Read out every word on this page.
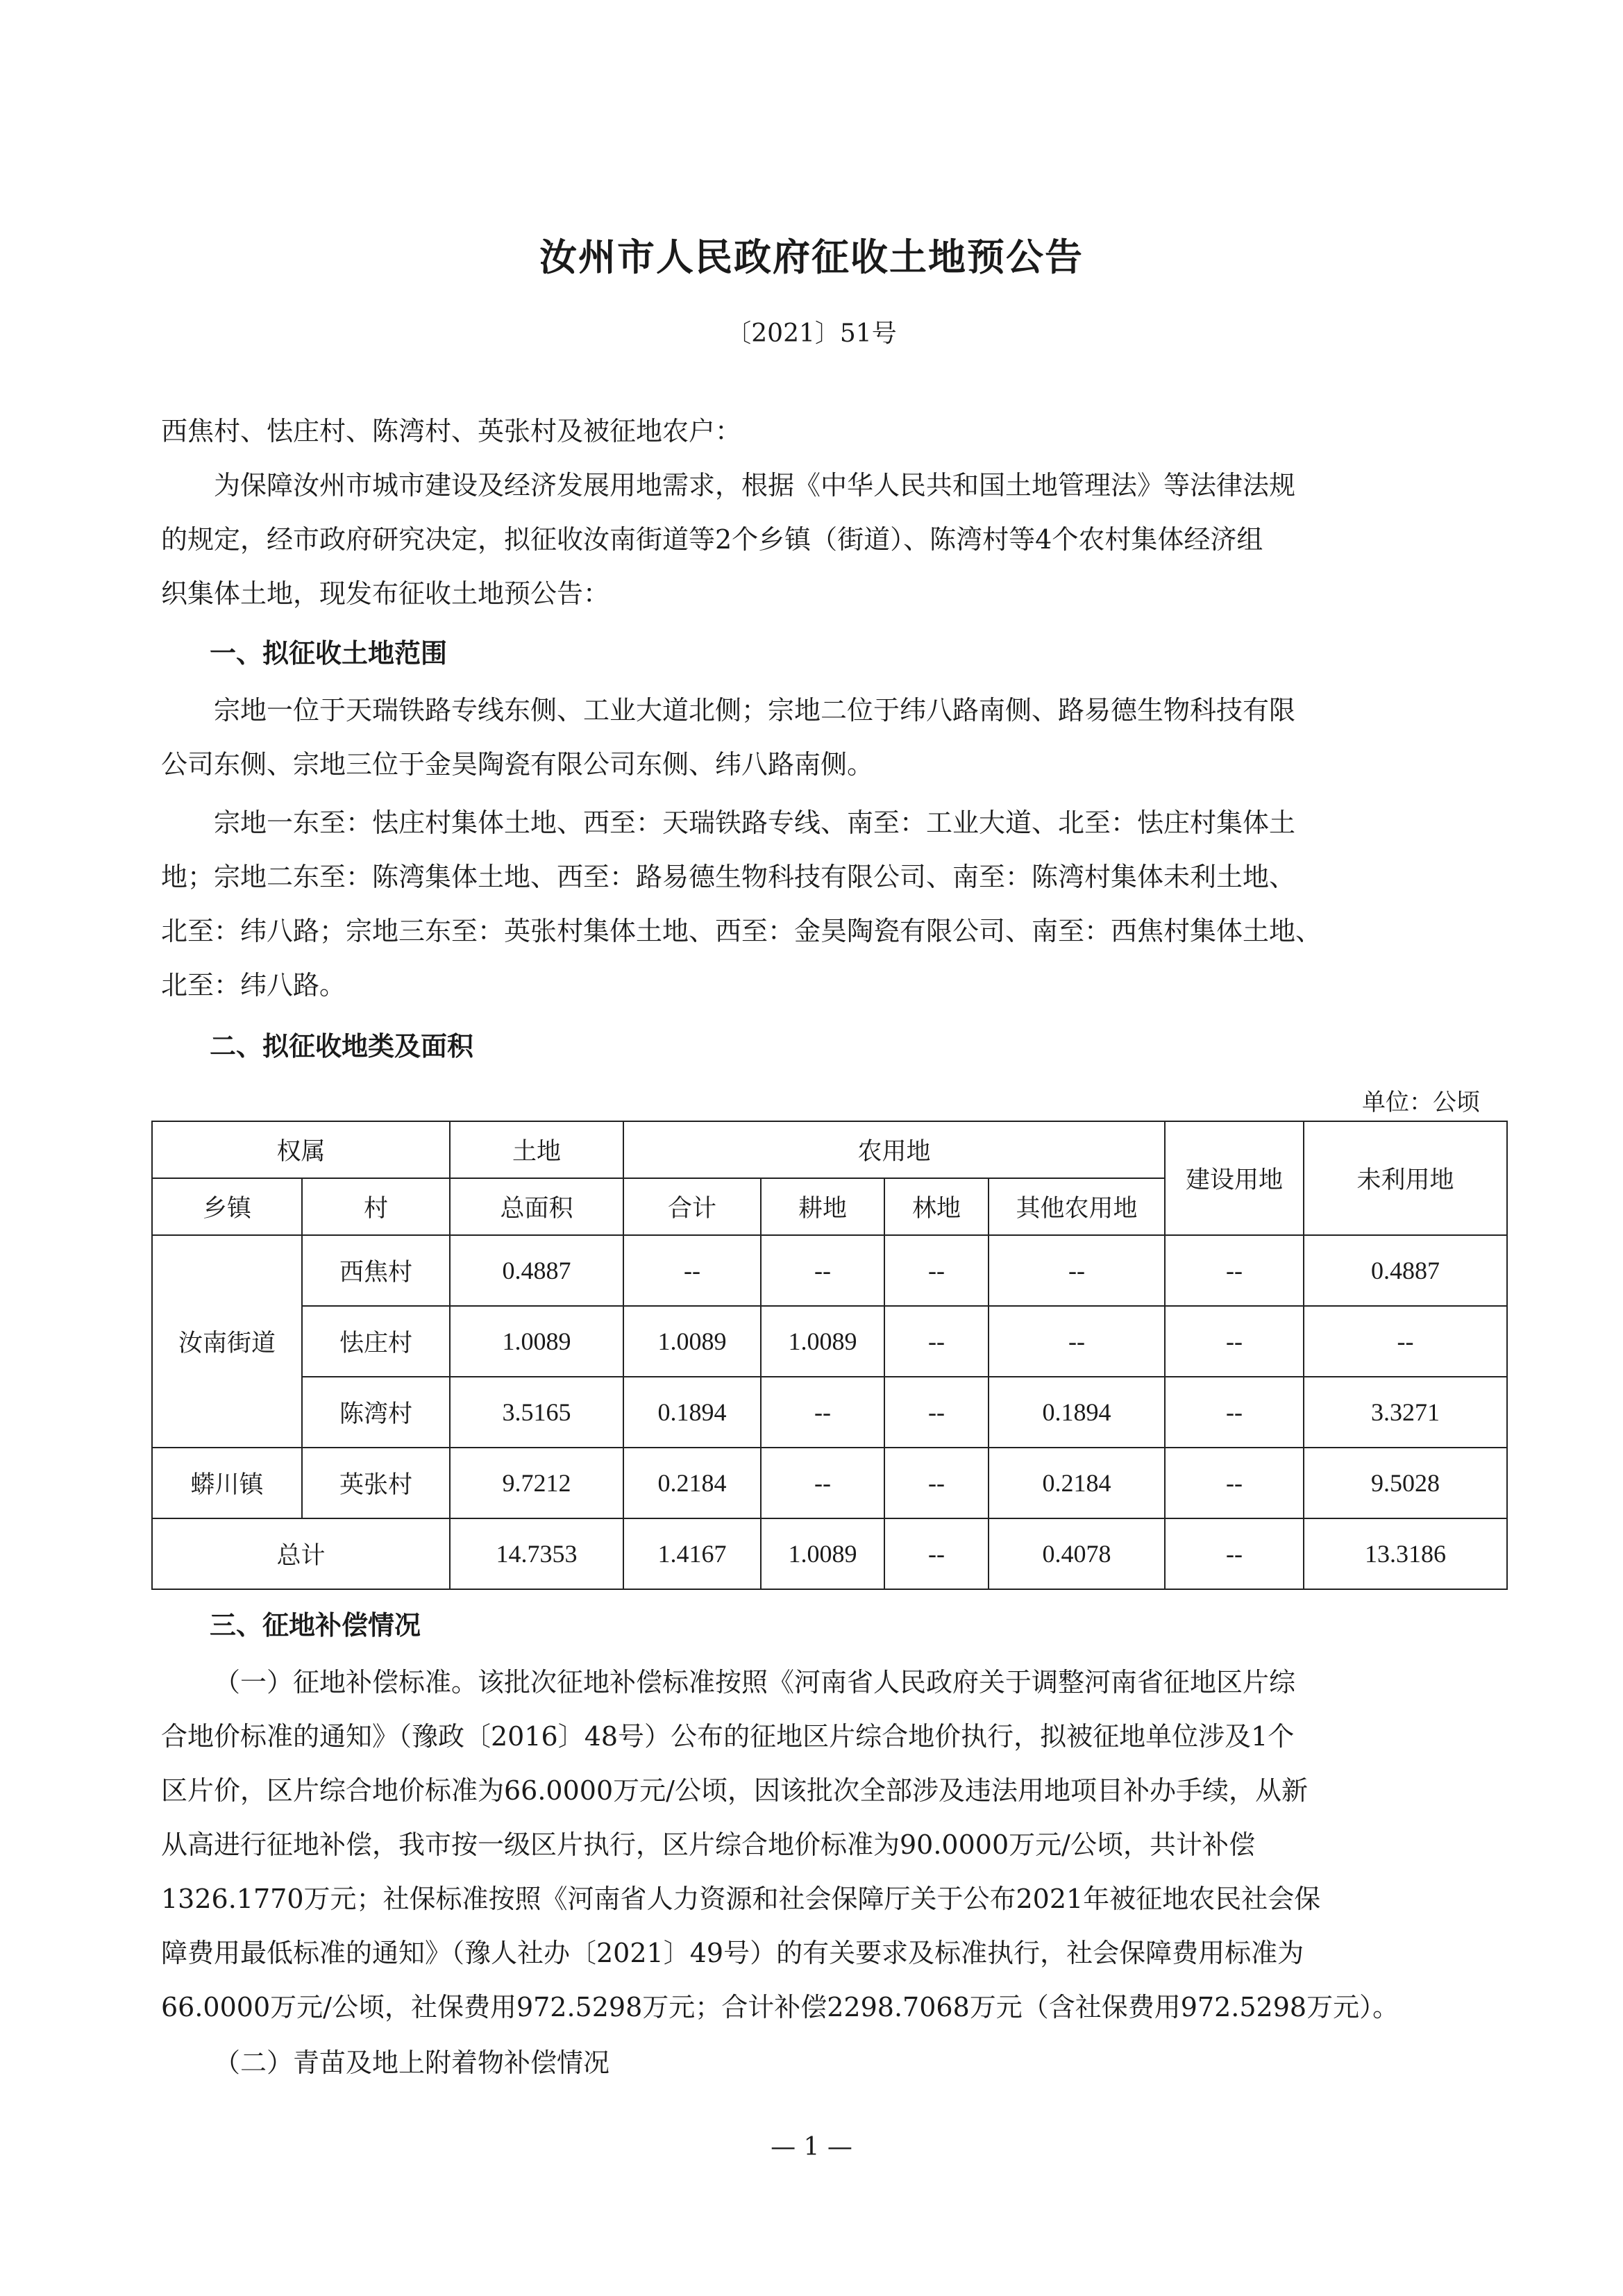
汝州市人民政府征收土地预公告
〔2021〕51号
西焦村、怯庄村、陈湾村、英张村及被征地农户：
为保障汝州市城市建设及经济发展用地需求，根据《中华人民共和国土地管理法》等法律法规
的规定，经市政府研究决定，拟征收汝南街道等2个乡镇（街道）、陈湾村等4个农村集体经济组
织集体土地，现发布征收土地预公告：
一、拟征收土地范围
宗地一位于天瑞铁路专线东侧、工业大道北侧；宗地二位于纬八路南侧、路易德生物科技有限
公司东侧、宗地三位于金昊陶瓷有限公司东侧、纬八路南侧。
宗地一东至：怯庄村集体土地、西至：天瑞铁路专线、南至：工业大道、北至：怯庄村集体土
地；宗地二东至：陈湾集体土地、西至：路易德生物科技有限公司、南至：陈湾村集体未利土地、
北至：纬八路；宗地三东至：英张村集体土地、西至：金昊陶瓷有限公司、南至：西焦村集体土地、
北至：纬八路。
二、拟征收地类及面积
单位：公顷
权属		土地	农用地				建设用地	未利用地
乡镇	村	总面积	合计	耕地	林地	其他农用地		
汝南街道	西焦村	0.4887	--	--	--	--	--	0.4887
	怯庄村	1.0089	1.0089	1.0089	--	--	--	--
	陈湾村	3.5165	0.1894	--	--	0.1894	--	3.3271
蟒川镇	英张村	9.7212	0.2184	--	--	0.2184	--	9.5028
总计		14.7353	1.4167	1.0089	--	0.4078	--	13.3186
三、征地补偿情况
（一）征地补偿标准。该批次征地补偿标准按照《河南省人民政府关于调整河南省征地区片综
合地价标准的通知》（豫政〔2016〕48号）公布的征地区片综合地价执行，拟被征地单位涉及1个
区片价，区片综合地价标准为66.0000万元/公顷，因该批次全部涉及违法用地项目补办手续，从新
从高进行征地补偿，我市按一级区片执行，区片综合地价标准为90.0000万元/公顷，共计补偿
1326.1770万元；社保标准按照《河南省人力资源和社会保障厅关于公布2021年被征地农民社会保
障费用最低标准的通知》（豫人社办〔2021〕49号）的有关要求及标准执行，社会保障费用标准为
66.0000万元/公顷，社保费用972.5298万元；合计补偿2298.7068万元（含社保费用972.5298万元）。
（二）青苗及地上附着物补偿情况
— 1 —
